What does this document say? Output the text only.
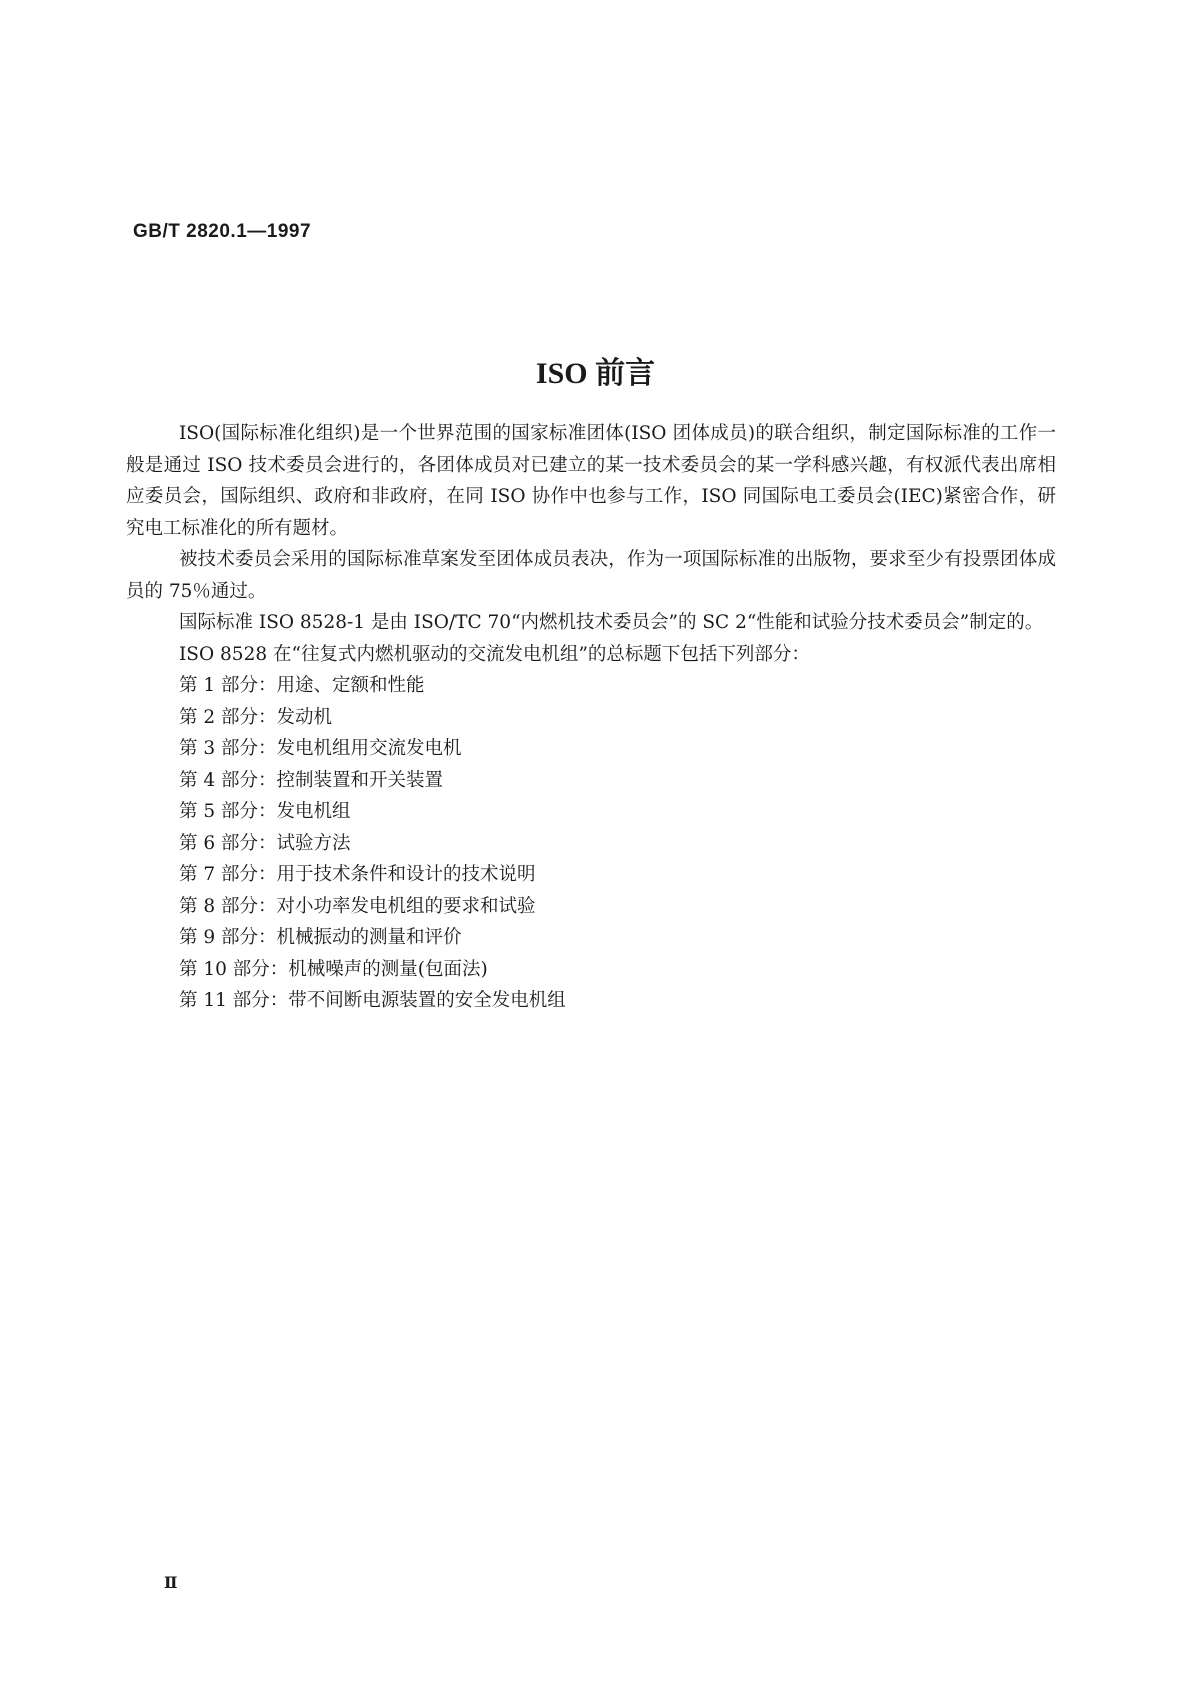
GB/T 2820.1—1997
ISO 前言

ISO(国际标准化组织)是一个世界范围的国家标准团体(ISO 团体成员)的联合组织，制定国际标准的工作一般是通过 ISO 技术委员会进行的，各团体成员对已建立的某一技术委员会的某一学科感兴趣，有权派代表出席相应委员会，国际组织、政府和非政府，在同 ISO 协作中也参与工作，ISO 同国际电工委员会(IEC)紧密合作，研究电工标准化的所有题材。

被技术委员会采用的国际标准草案发至团体成员表决，作为一项国际标准的出版物，要求至少有投票团体成员的 75％通过。

国际标准 ISO 8528-1 是由 ISO/TC 70“内燃机技术委员会”的 SC 2“性能和试验分技术委员会”制定的。

ISO 8528 在“往复式内燃机驱动的交流发电机组”的总标题下包括下列部分：

第 1 部分：用途、定额和性能
第 2 部分：发动机
第 3 部分：发电机组用交流发电机
第 4 部分：控制装置和开关装置
第 5 部分：发电机组
第 6 部分：试验方法
第 7 部分：用于技术条件和设计的技术说明
第 8 部分：对小功率发电机组的要求和试验
第 9 部分：机械振动的测量和评价
第 10 部分：机械噪声的测量(包面法)
第 11 部分：带不间断电源装置的安全发电机组
Ⅱ
